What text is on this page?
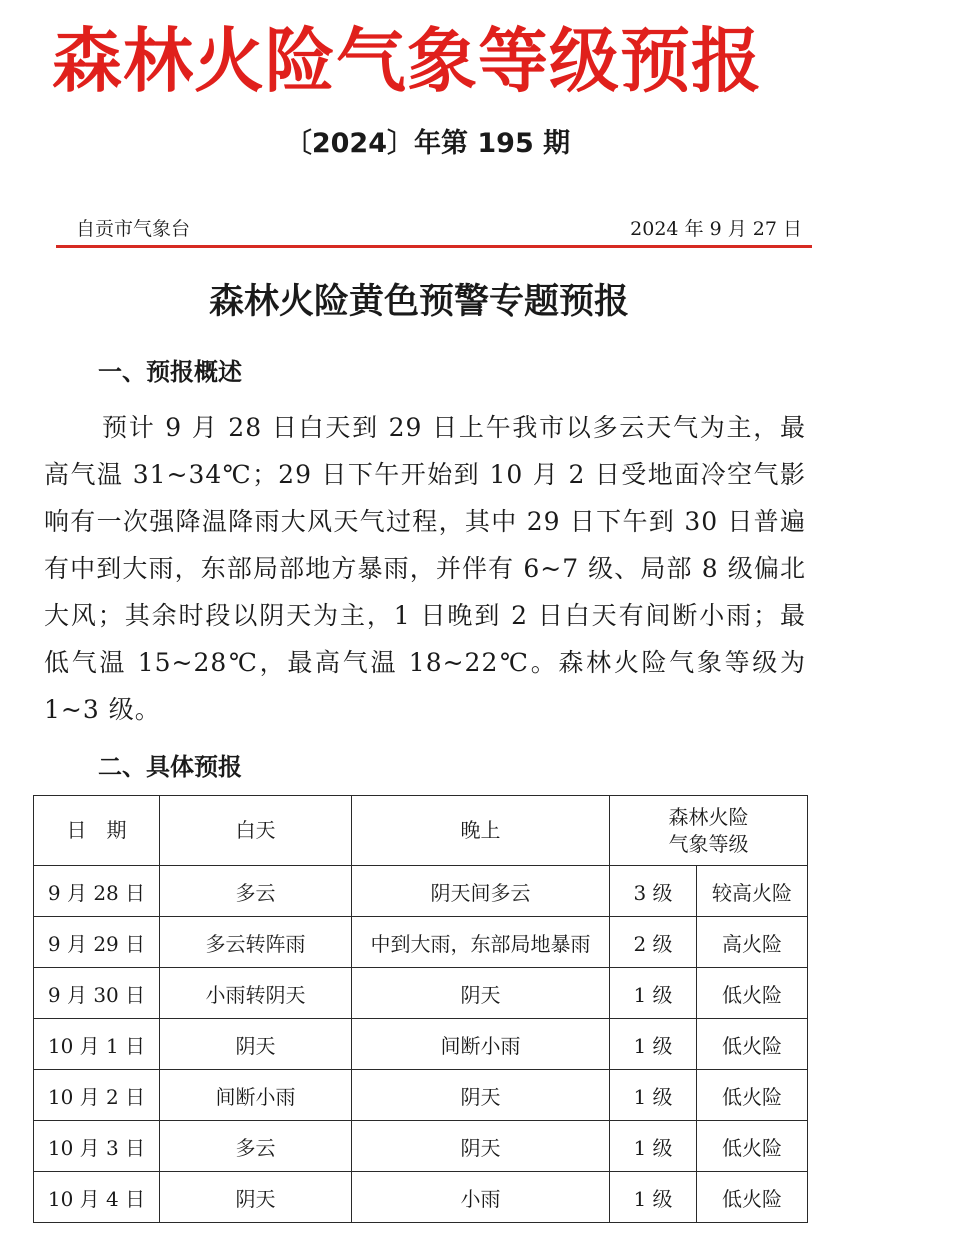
森林火险气象等级预报
〔2024〕年第 195 期
自贡市气象台	2024 年 9 月 27 日
森林火险黄色预警专题预报
一、预报概述

预计 9 月 28 日白天到 29 日上午我市以多云天气为主，最高气温 31~34℃；29 日下午开始到 10 月 2 日受地面冷空气影响有一次强降温降雨大风天气过程，其中 29 日下午到 30 日普遍有中到大雨，东部局部地方暴雨，并伴有 6~7 级、局部 8 级偏北大风；其余时段以阴天为主，1 日晚到 2 日白天有间断小雨；最低气温 15~28℃，最高气温 18~22℃。森林火险气象等级为 1~3 级。

二、具体预报
日　期	白天	晚上	森林火险
气象等级	

9 月 28 日	多云	阴天间多云	3 级	较高火险
9 月 29 日	多云转阵雨	中到大雨，东部局地暴雨	2 级	高火险
9 月 30 日	小雨转阴天	阴天	1 级	低火险
10 月 1 日	阴天	间断小雨	1 级	低火险
10 月 2 日	间断小雨	阴天	1 级	低火险
10 月 3 日	多云	阴天	1 级	低火险
10 月 4 日	阴天	小雨	1 级	低火险
